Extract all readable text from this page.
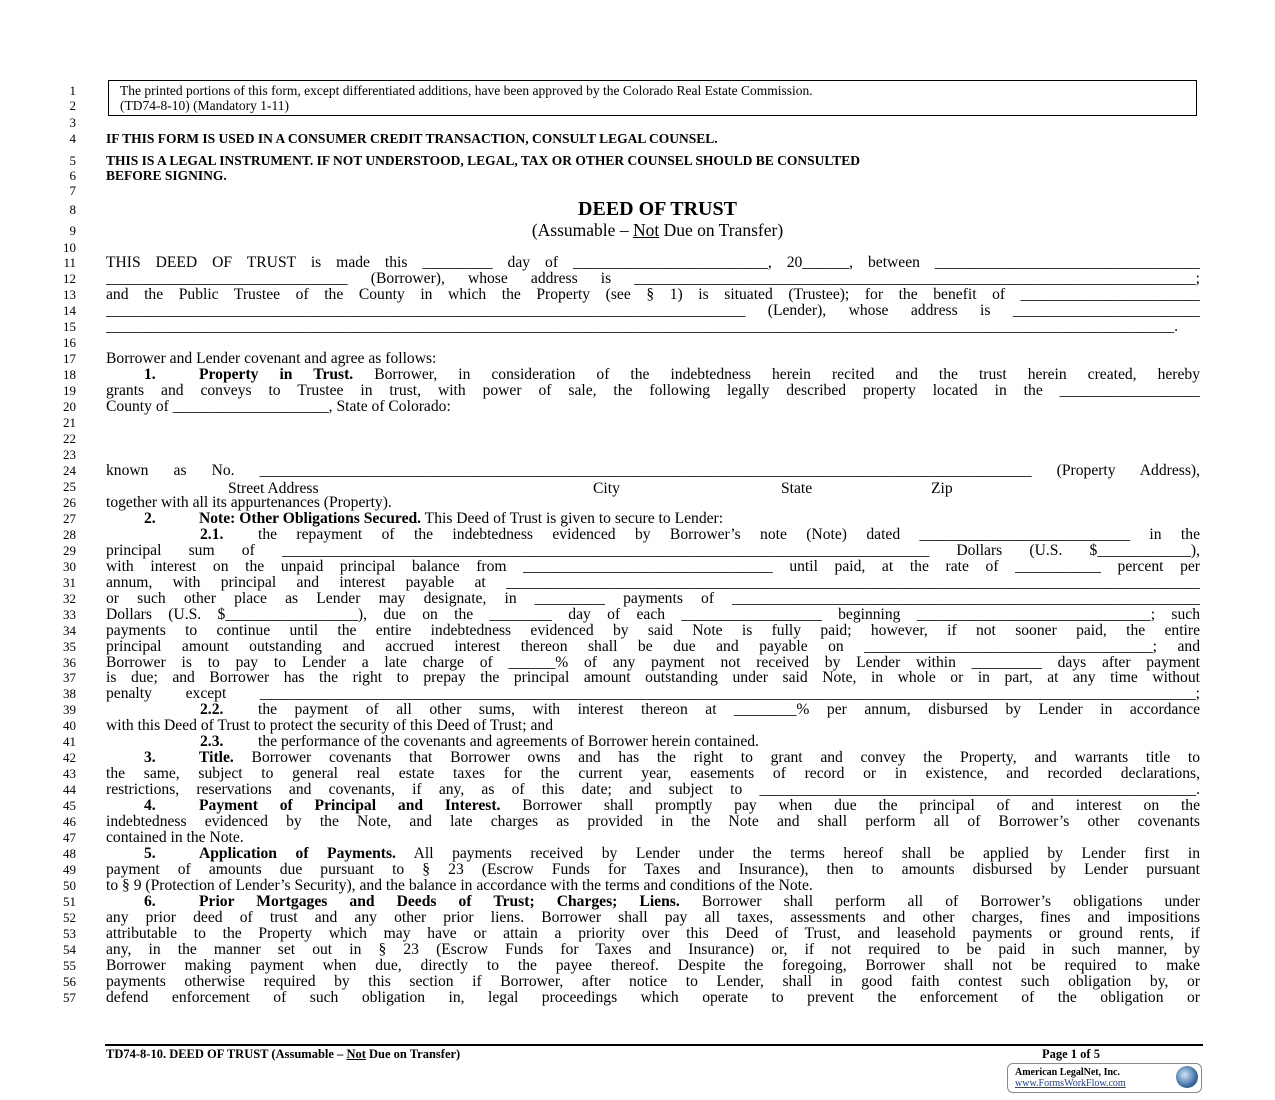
1
2
3
4
5
6
7
8
9
10
11
12
13
14
15
16
17
18
19
20
21
22
23
24
25
26
27
28
29
30
31
32
33
34
35
36
37
38
39
40
41
42
43
44
45
46
47
48
49
50
51
52
53
54
55
56
57
The printed portions of this form, except differentiated additions, have been approved by the Colorado Real Estate Commission.
(TD74-8-10) (Mandatory 1-11)
IF THIS FORM IS USED IN A CONSUMER CREDIT TRANSACTION, CONSULT LEGAL COUNSEL.
THIS IS A LEGAL INSTRUMENT. IF NOT UNDERSTOOD, LEGAL, TAX OR OTHER COUNSEL SHOULD BE CONSULTED
BEFORE SIGNING.
DEED OF TRUST
(Assumable – Not Due on Transfer)
THIS DEED OF TRUST is made this _________ day of _________________________, 20______, between __________________________________
_______________________________ (Borrower), whose address is ________________________________________________________________________;
and the Public Trustee of the County in which the Property (see § 1) is situated (Trustee); for the benefit of _______________________
__________________________________________________________________________________ (Lender), whose address is ________________________
_________________________________________________________________________________________________________________________________________.
Borrower and Lender covenant and agree as follows:
1.	Property in Trust. Borrower, in consideration of the indebtedness herein recited and the trust herein created, hereby
grants and conveys to Trustee in trust, with power of sale, the following legally described property located in the __________________
County of ____________________, State of Colorado:
known as No. ___________________________________________________________________________________________________ (Property Address),
together with all its appurtenances (Property).
2.	Note: Other Obligations Secured. This Deed of Trust is given to secure to Lender:
2.1. the repayment of the indebtedness evidenced by Borrower’s note (Note) dated ___________________________ in the
principal sum of ___________________________________________________________________________________ Dollars (U.S. $____________),
with interest on the unpaid principal balance from ________________________________ until paid, at the rate of ___________ percent per
annum, with principal and interest payable at _________________________________________________________________________________________
or such other place as Lender may designate, in _________ payments of ____________________________________________________________
Dollars (U.S. $_________________), due on the ________ day of each __________________ beginning ______________________________; such
payments to continue until the entire indebtedness evidenced by said Note is fully paid; however, if not sooner paid, the entire
principal amount outstanding and accrued interest thereon shall be due and payable on _____________________________________; and
Borrower is to pay to Lender a late charge of ______% of any payment not received by Lender within _________ days after payment
is due; and Borrower has the right to prepay the principal amount outstanding under said Note, in whole or in part, at any time without
penalty except ________________________________________________________________________________________________________________________;
2.2. the payment of all other sums, with interest thereon at ________% per annum, disbursed by Lender in accordance
with this Deed of Trust to protect the security of this Deed of Trust; and
2.3. the performance of the covenants and agreements of Borrower herein contained.
3.	Title. Borrower covenants that Borrower owns and has the right to grant and convey the Property, and warrants title to
the same, subject to general real estate taxes for the current year, easements of record or in existence, and recorded declarations,
restrictions, reservations and covenants, if any, as of this date; and subject to ________________________________________________________.
4.	Payment of Principal and Interest. Borrower shall promptly pay when due the principal of and interest on the
indebtedness evidenced by the Note, and late charges as provided in the Note and shall perform all of Borrower’s other covenants
contained in the Note.
5.	Application of Payments. All payments received by Lender under the terms hereof shall be applied by Lender first in
payment of amounts due pursuant to § 23 (Escrow Funds for Taxes and Insurance), then to amounts disbursed by Lender pursuant
to § 9 (Protection of Lender’s Security), and the balance in accordance with the terms and conditions of the Note.
6.	Prior Mortgages and Deeds of Trust; Charges; Liens. Borrower shall perform all of Borrower’s obligations under
any prior deed of trust and any other prior liens. Borrower shall pay all taxes, assessments and other charges, fines and impositions
attributable to the Property which may have or attain a priority over this Deed of Trust, and leasehold payments or ground rents, if
any, in the manner set out in § 23 (Escrow Funds for Taxes and Insurance) or, if not required to be paid in such manner, by
Borrower making payment when due, directly to the payee thereof. Despite the foregoing, Borrower shall not be required to make
payments otherwise required by this section if Borrower, after notice to Lender, shall in good faith contest such obligation by, or
defend enforcement of such obligation in, legal proceedings which operate to prevent the enforcement of the obligation or
Street Address	City	State	Zip
TD74-8-10. DEED OF TRUST (Assumable – Not Due on Transfer)	Page 1 of 5
American LegalNet, Inc.
www.FormsWorkFlow.com
